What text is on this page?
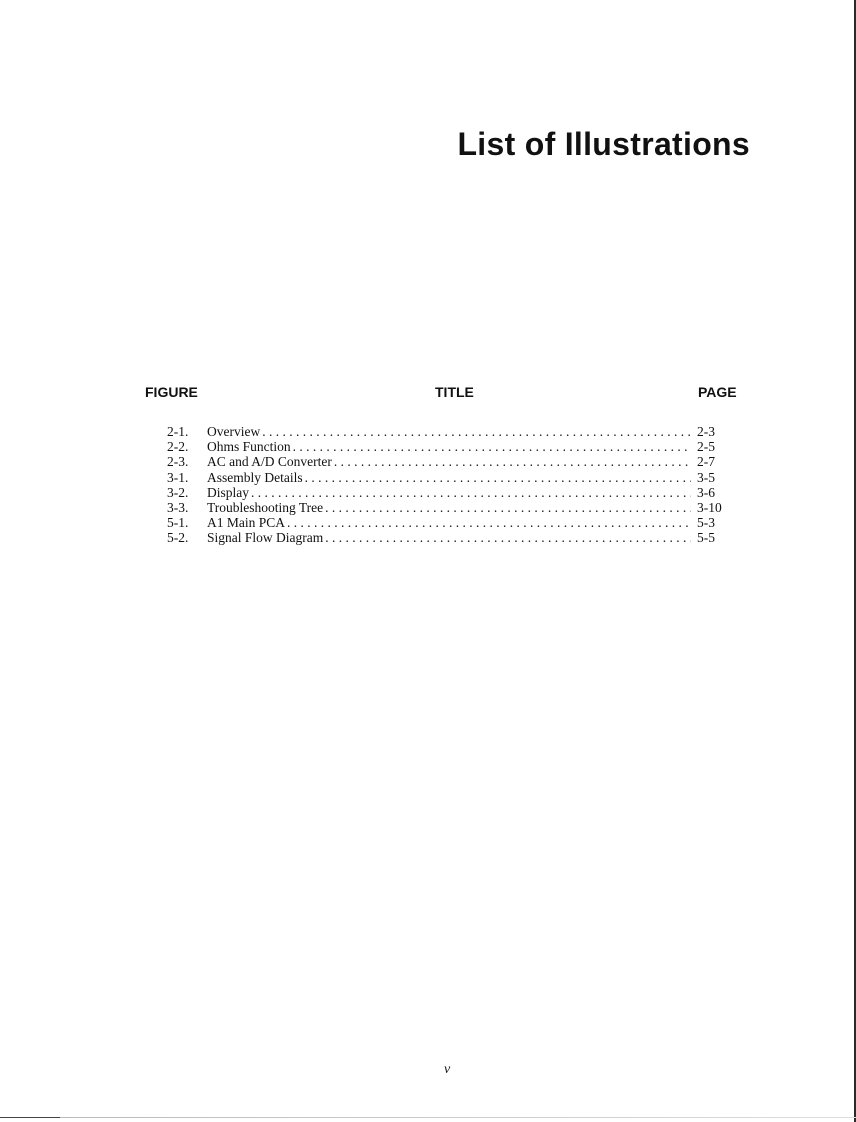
List of Illustrations
FIGURE	TITLE	PAGE
2-1.	Overview . . .	2-3
2-2.	Ohms Function . . .	2-5
2-3.	AC and A/D Converter . . .	2-7
3-1.	Assembly Details . . .	3-5
3-2.	Display . . .	3-6
3-3.	Troubleshooting Tree . . .	3-10
5-1.	A1 Main PCA . . .	5-3
5-2.	Signal Flow Diagram . . .	5-5
v
